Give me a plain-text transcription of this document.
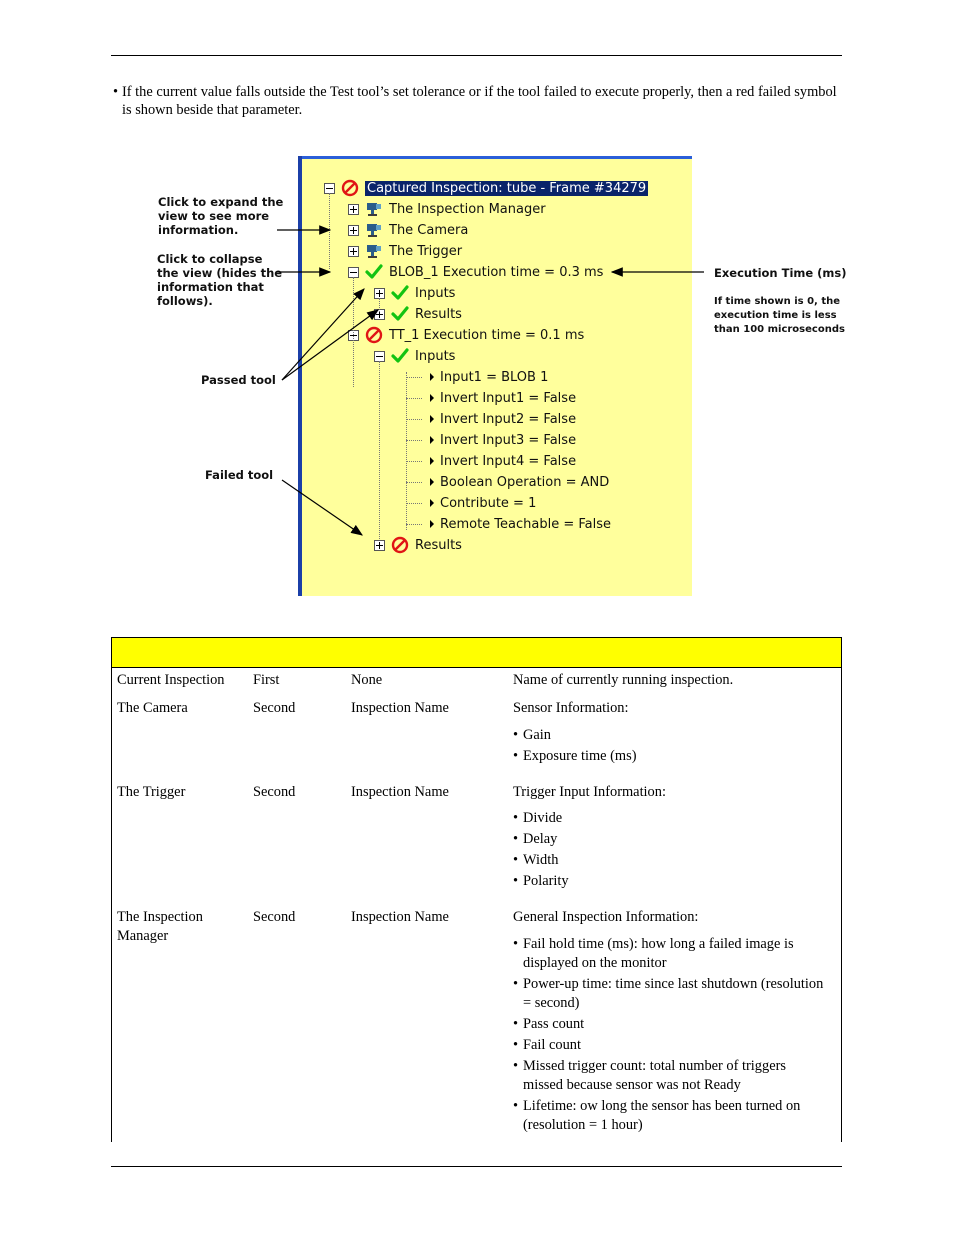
• If the current value falls outside the Test tool’s set tolerance or if the tool failed to execute properly, then a red failed symbol is shown beside that parameter.
Click to expand the
view to see more
information.
Click to collapse
the view (hides the
information that
follows).
Passed tool
Failed tool
Execution Time (ms)
If time shown is 0, the
execution time is less
than 100 microseconds
Captured Inspection: tube - Frame #34279
The Inspection Manager
The Camera
The Trigger
BLOB_1 Execution time = 0.3 ms
Inputs
Results
TT_1 Execution time = 0.1 ms
Inputs
Input1 = BLOB 1
Invert Input1 = False
Invert Input2 = False
Invert Input3 = False
Invert Input4 = False
Boolean Operation = AND
Contribute = 1
Remote Teachable = False
Results
Current Inspection	First	None	Name of currently running inspection.
The Camera	Second	Inspection Name	Sensor Information:
• Gain
• Exposure time (ms)
The Trigger	Second	Inspection Name	Trigger Input Information:
• Divide
• Delay
• Width
• Polarity
The Inspection
Manager
Second	Inspection Name	General Inspection Information:
• Fail hold time (ms): how long a failed image is
displayed on the monitor
• Power-up time: time since last shutdown (resolution
= second)
• Pass count
• Fail count
• Missed trigger count: total number of triggers
missed because sensor was not Ready
• Lifetime: ow long the sensor has been turned on
(resolution = 1 hour)
